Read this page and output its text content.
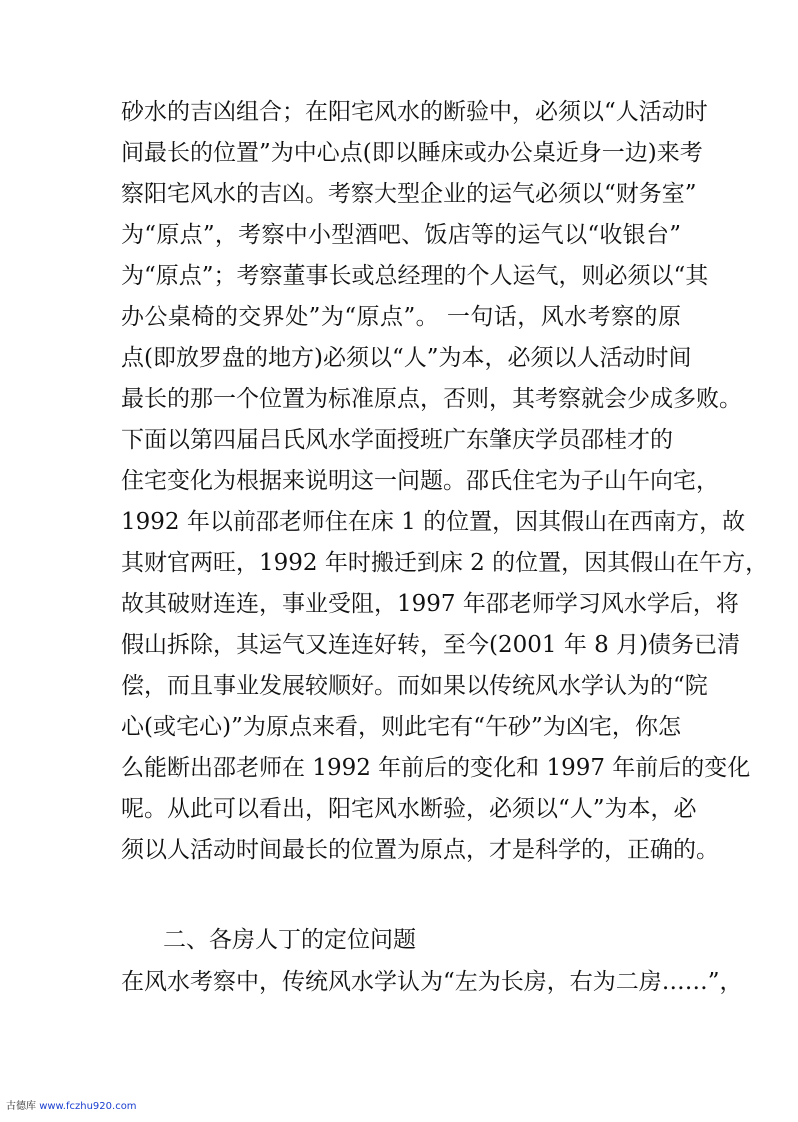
砂水的吉凶组合；在阳宅风水的断验中，必须以“人活动时
间最长的位置”为中心点(即以睡床或办公桌近身一边)来考
察阳宅风水的吉凶。考察大型企业的运气必须以“财务室”
为“原点”，考察中小型酒吧、饭店等的运气以“收银台”
为“原点”；考察董事长或总经理的个人运气，则必须以“其
办公桌椅的交界处”为“原点”。 一句话，风水考察的原
点(即放罗盘的地方)必须以“人”为本，必须以人活动时间
最长的那一个位置为标准原点，否则，其考察就会少成多败。
下面以第四届吕氏风水学面授班广东肇庆学员邵桂才的
住宅变化为根据来说明这一问题。邵氏住宅为子山午向宅，
1992 年以前邵老师住在床 1 的位置，因其假山在西南方，故
其财官两旺，1992 年时搬迁到床 2 的位置，因其假山在午方，
故其破财连连，事业受阻，1997 年邵老师学习风水学后，将
假山拆除，其运气又连连好转，至今(2001 年 8 月)债务已清
偿，而且事业发展较顺好。而如果以传统风水学认为的“院
心(或宅心)”为原点来看，则此宅有“午砂”为凶宅，你怎
么能断出邵老师在 1992 年前后的变化和 1997 年前后的变化
呢。从此可以看出，阳宅风水断验，必须以“人”为本，必
须以人活动时间最长的位置为原点，才是科学的，正确的。
二、各房人丁的定位问题
在风水考察中，传统风水学认为“左为长房，右为二房……”，
古德库 www.fczhu920.com
